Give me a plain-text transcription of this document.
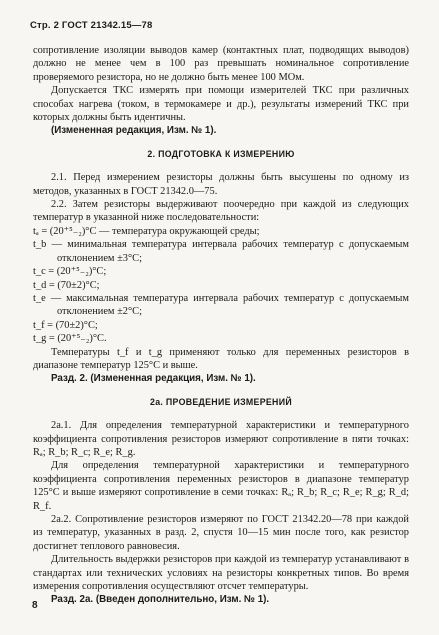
Стр. 2 ГОСТ 21342.15—78

сопротивление изоляции выводов камер (контактных плат, подводящих выводов) должно не менее чем в 100 раз превышать номинальное сопротивление проверяемого резистора, но не должно быть менее 100 МОм.

Допускается ТКС измерять при помощи измерителей ТКС при различных способах нагрева (током, в термокамере и др.), результаты измерений ТКС при которых должны быть идентичны.

(Измененная редакция, Изм. № 1).

2. ПОДГОТОВКА К ИЗМЕРЕНИЮ

2.1. Перед измерением резисторы должны быть высушены по одному из методов, указанных в ГОСТ 21342.0—75.

2.2. Затем резисторы выдерживают поочередно при каждой из следующих температур в указанной ниже последовательности:

tₐ = (20⁺⁵₋₂)°С — температура окружающей среды;

t_b — минимальная температура интервала рабочих температур с допускаемым отклонением ±3°С;

t_c = (20⁺⁵₋₂)°С;

t_d = (70±2)°С;

t_e — максимальная температура интервала рабочих температур с допускаемым отклонением ±2°С;

t_f = (70±2)°С;

t_g = (20⁺⁵₋₂)°С.

Температуры t_f и t_g применяют только для переменных резисторов в диапазоне температур 125°С и выше.

Разд. 2. (Измененная редакция, Изм. № 1).

2а. ПРОВЕДЕНИЕ ИЗМЕРЕНИЙ

2а.1. Для определения температурной характеристики и температурного коэффициента сопротивления резисторов измеряют сопротивление в пяти точках: Rₐ; R_b; R_c; R_e; R_g.

Для определения температурной характеристики и температурного коэффициента сопротивления переменных резисторов в диапазоне температур 125°С и выше измеряют сопротивление в семи точках: Rₐ; R_b; R_c; R_e; R_g; R_d; R_f.

2а.2. Сопротивление резисторов измеряют по ГОСТ 21342.20—78 при каждой из температур, указанных в разд. 2, спустя 10—15 мин после того, как резистор достигнет теплового равновесия.

Длительность выдержки резисторов при каждой из температур устанавливают в стандартах или технических условиях на резисторы конкретных типов. Во время измерения сопротивления осуществляют отсчет температуры.

Разд. 2а. (Введен дополнительно, Изм. № 1).

8
